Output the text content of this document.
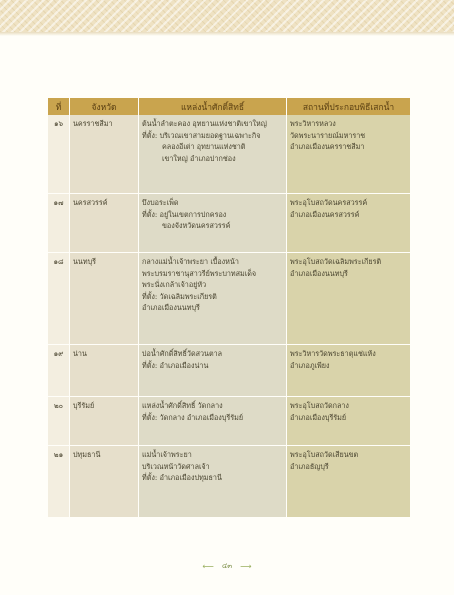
ที่	จังหวัด	แหล่งน้ำศักดิ์สิทธิ์	สถานที่ประกอบพิธีเสกน้ำ
๑๖	นครราชสีมา	ต้นน้ำลำตะคอง อุทยานแห่งชาติเขาใหญ่
ที่ตั้ง: บริเวณเขาสามยอดฐานเฉพาะกิจ
คลองอีเต่า อุทยานแห่งชาติ
เขาใหญ่ อำเภอปากช่อง	พระวิหารหลวง
วัดพระนารายณ์มหาราช
อำเภอเมืองนครราชสีมา

๑๗	นครสวรรค์	บึงบอระเพ็ด
ที่ตั้ง: อยู่ในเขตการปกครอง
ของจังหวัดนครสวรรค์	พระอุโบสถวัดนครสวรรค์
อำเภอเมืองนครสวรรค์

๑๘	นนทบุรี	กลางแม่น้ำเจ้าพระยา เบื้องหน้า
พระบรมราชานุสาวรีย์พระบาทสมเด็จ
พระนั่งเกล้าเจ้าอยู่หัว
ที่ตั้ง: วัดเฉลิมพระเกียรติ
อำเภอเมืองนนทบุรี	พระอุโบสถวัดเฉลิมพระเกียรติ
อำเภอเมืองนนทบุรี

๑๙	น่าน	บ่อน้ำศักดิ์สิทธิ์วัดสวนตาล
ที่ตั้ง: อำเภอเมืองน่าน	พระวิหารวัดพระธาตุแช่แห้ง
อำเภอภูเพียง

๒๐	บุรีรัมย์	แหล่งน้ำศักดิ์สิทธิ์ วัดกลาง
ที่ตั้ง: วัดกลาง อำเภอเมืองบุรีรัมย์	พระอุโบสถวัดกลาง
อำเภอเมืองบุรีรัมย์

๒๑	ปทุมธานี	แม่น้ำเจ้าพระยา
บริเวณหน้าวัดศาลเจ้า
ที่ตั้ง: อำเภอเมืองปทุมธานี	พระอุโบสถวัดเสียนขต
อำเภอธัญบุรี
⟵ ๔๓ ⟶
